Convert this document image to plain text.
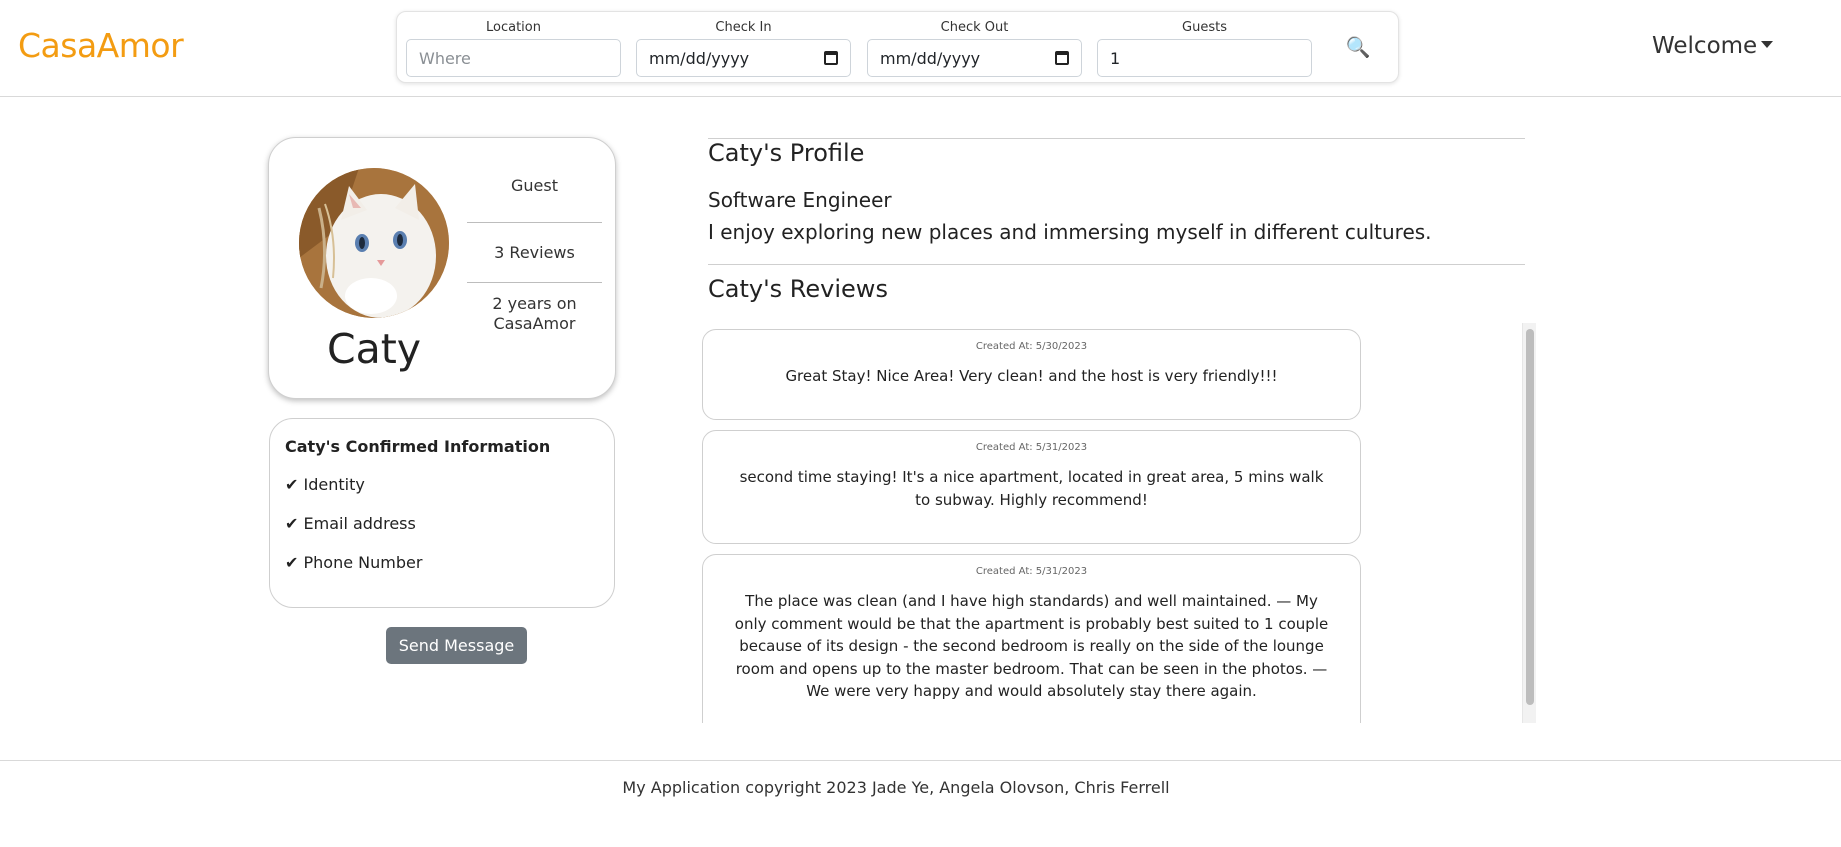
CasaAmor	Location
Where
Check In
mm/dd/yyyy
Check Out
mm/dd/yyyy
Guests
1	🔍	Welcome
Caty
Guest
3 Reviews
2 years on CasaAmor
Caty's Confirmed Information
✔ Identity
✔ Email address
✔ Phone Number
Send Message
Caty's Profile
Software Engineer
I enjoy exploring new places and immersing myself in different cultures.
Caty's Reviews
Created At: 5/30/2023
Great Stay! Nice Area! Very clean! and the host is very friendly!!!
Created At: 5/31/2023
second time staying! It's a nice apartment, located in great area, 5 mins walk to subway. Highly recommend!
Created At: 5/31/2023
The place was clean (and I have high standards) and well maintained. — My only comment would be that the apartment is probably best suited to 1 couple because of its design - the second bedroom is really on the side of the lounge room and opens up to the master bedroom. That can be seen in the photos. — We were very happy and would absolutely stay there again.
My Application copyright 2023 Jade Ye, Angela Olovson, Chris Ferrell
